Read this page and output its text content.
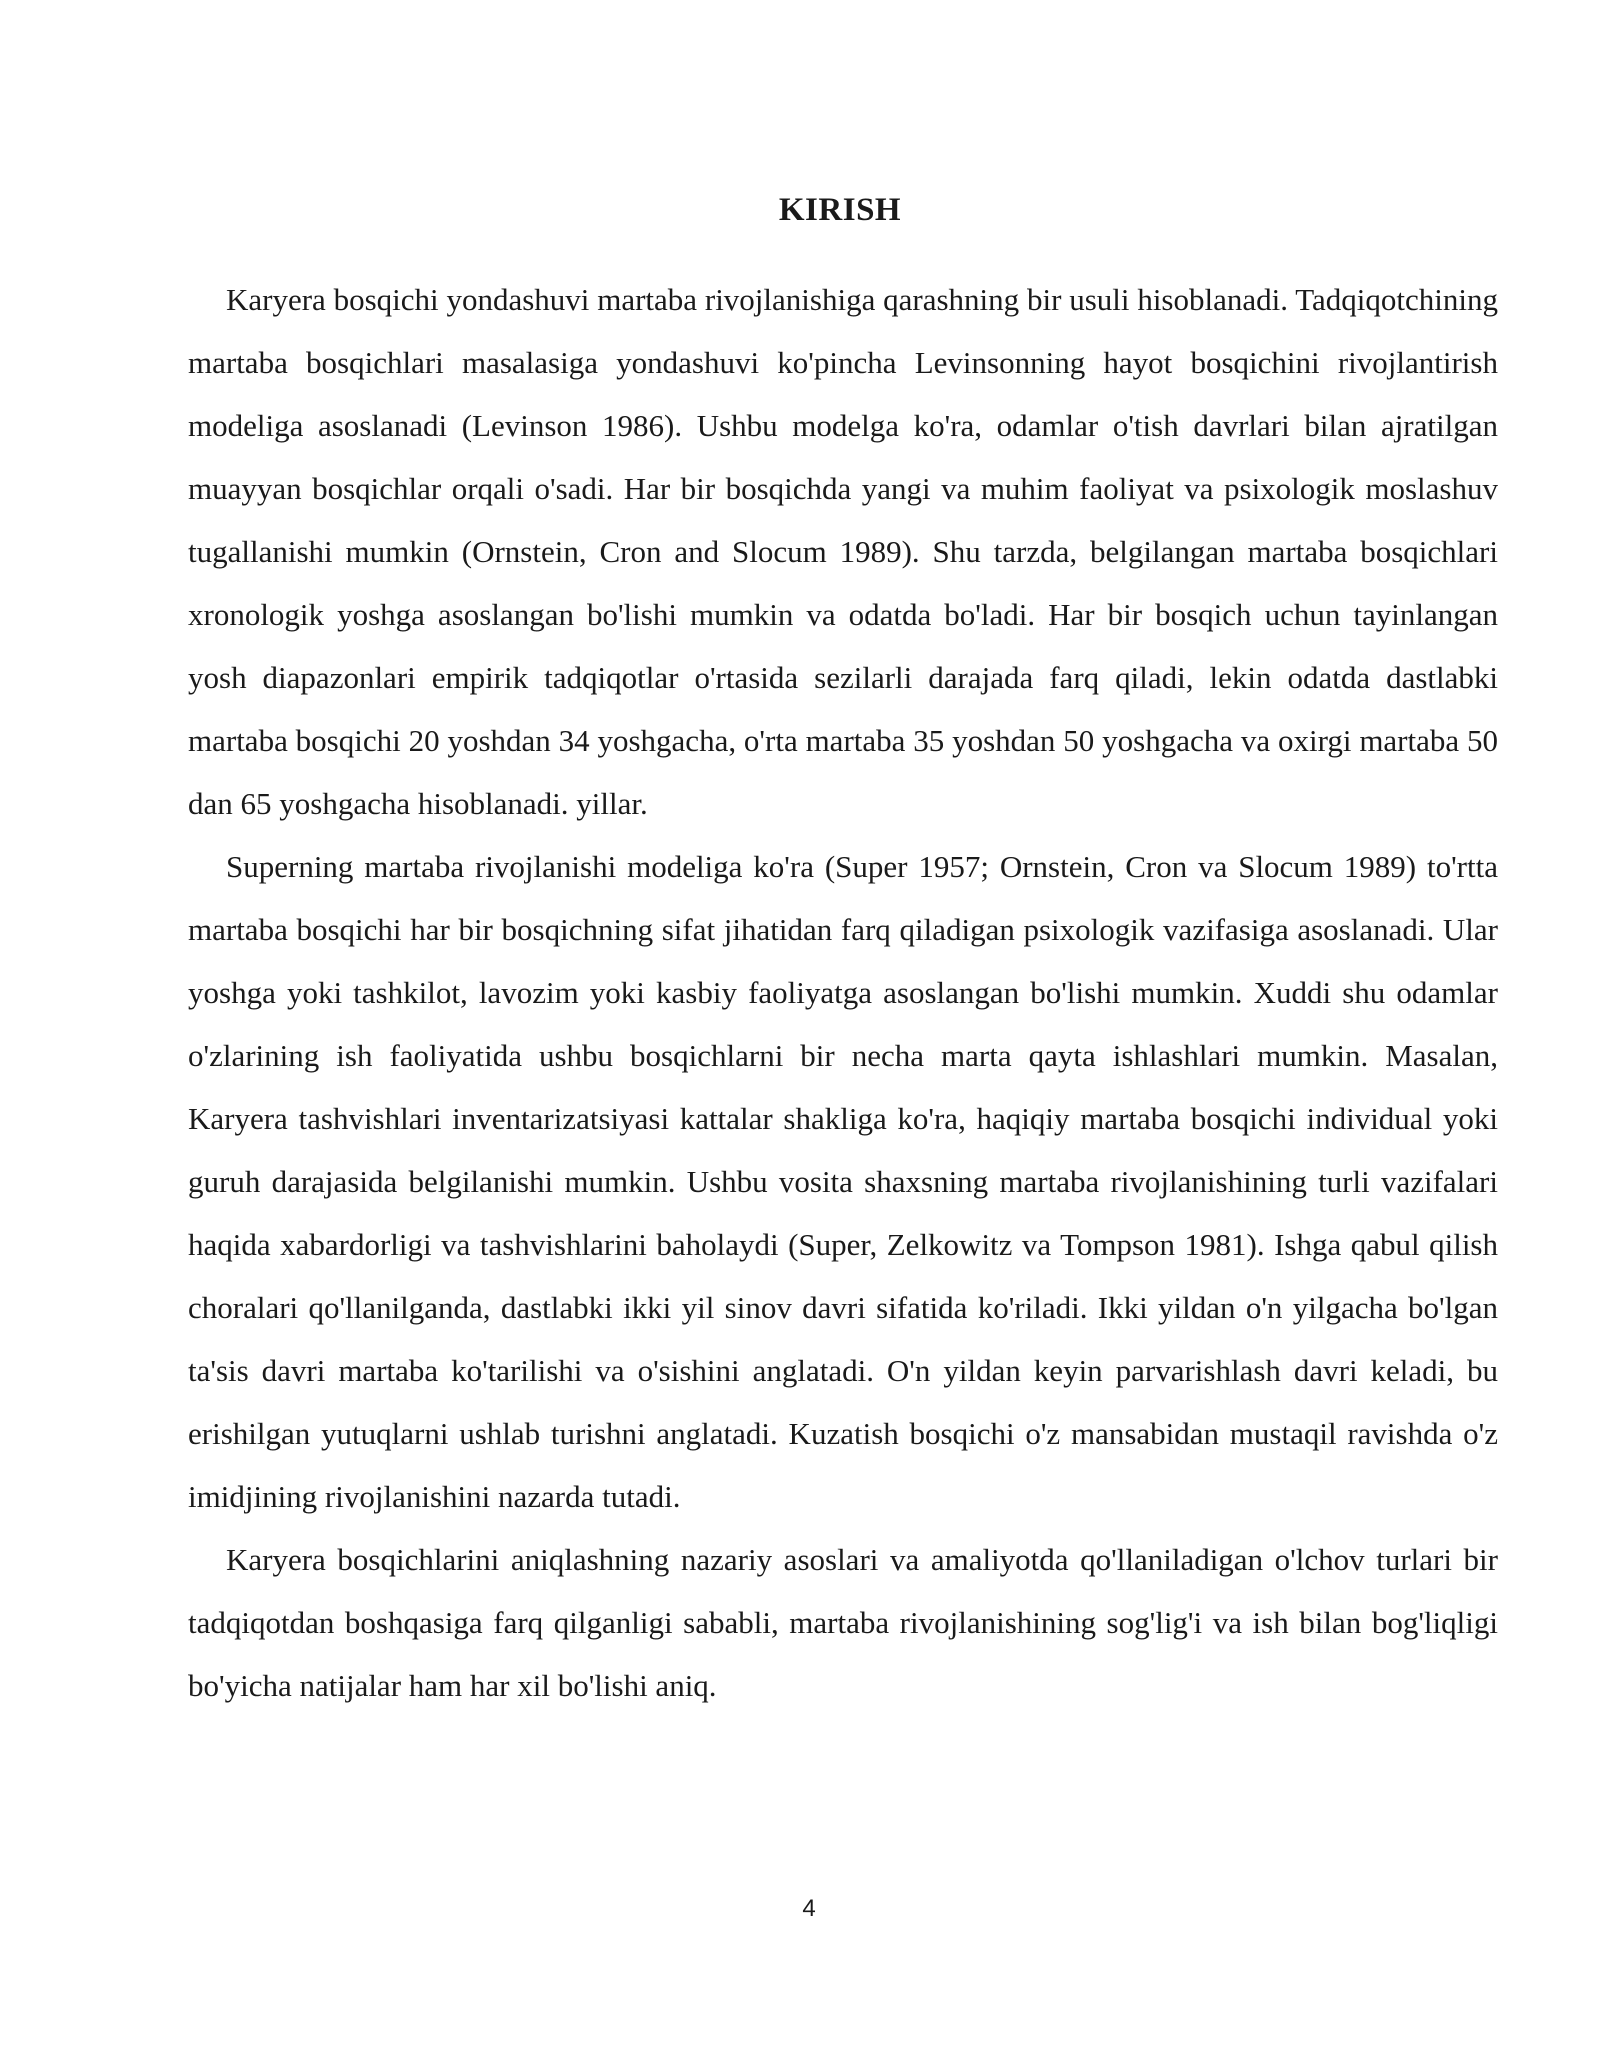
KIRISH

Karyera bosqichi yondashuvi martaba rivojlanishiga qarashning bir usuli hisoblanadi. Tadqiqotchining martaba bosqichlari masalasiga yondashuvi ko'pincha Levinsonning hayot bosqichini rivojlantirish modeliga asoslanadi (Levinson 1986). Ushbu modelga ko'ra, odamlar o'tish davrlari bilan ajratilgan muayyan bosqichlar orqali o'sadi. Har bir bosqichda yangi va muhim faoliyat va psixologik moslashuv tugallanishi mumkin (Ornstein, Cron and Slocum 1989). Shu tarzda, belgilangan martaba bosqichlari xronologik yoshga asoslangan bo'lishi mumkin va odatda bo'ladi. Har bir bosqich uchun tayinlangan yosh diapazonlari empirik tadqiqotlar o'rtasida sezilarli darajada farq qiladi, lekin odatda dastlabki martaba bosqichi 20 yoshdan 34 yoshgacha, o'rta martaba 35 yoshdan 50 yoshgacha va oxirgi martaba 50 dan 65 yoshgacha hisoblanadi. yillar.

Superning martaba rivojlanishi modeliga ko'ra (Super 1957; Ornstein, Cron va Slocum 1989) to'rtta martaba bosqichi har bir bosqichning sifat jihatidan farq qiladigan psixologik vazifasiga asoslanadi. Ular yoshga yoki tashkilot, lavozim yoki kasbiy faoliyatga asoslangan bo'lishi mumkin. Xuddi shu odamlar o'zlarining ish faoliyatida ushbu bosqichlarni bir necha marta qayta ishlashlari mumkin. Masalan, Karyera tashvishlari inventarizatsiyasi kattalar shakliga ko'ra, haqiqiy martaba bosqichi individual yoki guruh darajasida belgilanishi mumkin. Ushbu vosita shaxsning martaba rivojlanishining turli vazifalari haqida xabardorligi va tashvishlarini baholaydi (Super, Zelkowitz va Tompson 1981). Ishga qabul qilish choralari qo'llanilganda, dastlabki ikki yil sinov davri sifatida ko'riladi. Ikki yildan o'n yilgacha bo'lgan ta'sis davri martaba ko'tarilishi va o'sishini anglatadi. O'n yildan keyin parvarishlash davri keladi, bu erishilgan yutuqlarni ushlab turishni anglatadi. Kuzatish bosqichi o'z mansabidan mustaqil ravishda o'z imidjining rivojlanishini nazarda tutadi.

Karyera bosqichlarini aniqlashning nazariy asoslari va amaliyotda qo'llaniladigan o'lchov turlari bir tadqiqotdan boshqasiga farq qilganligi sababli, martaba rivojlanishining sog'lig'i va ish bilan bog'liqligi bo'yicha natijalar ham har xil bo'lishi aniq.

4
